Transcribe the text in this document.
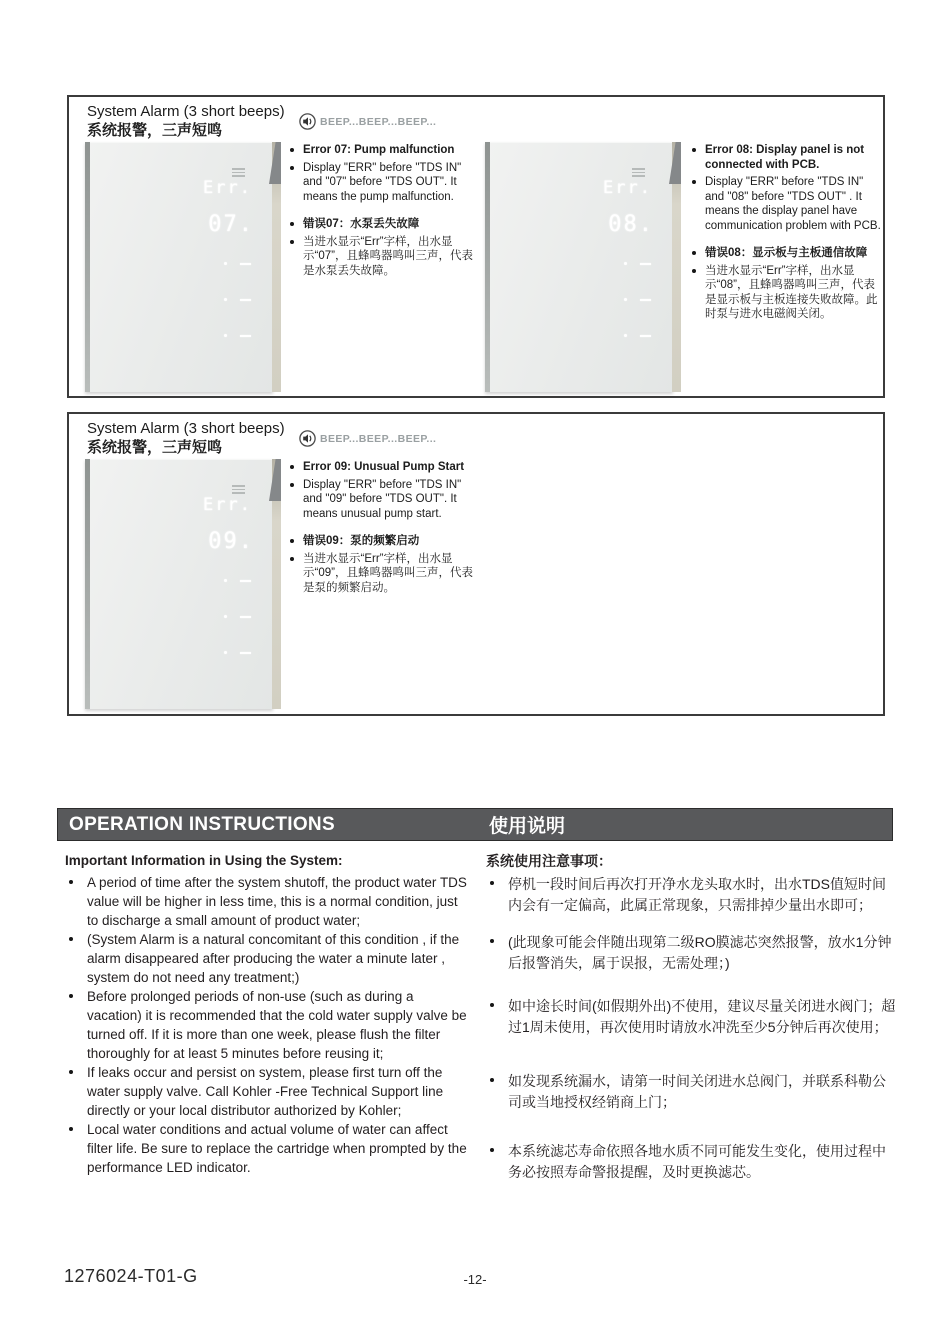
System Alarm (3 short beeps)
系统报警，三声短鸣
BEEP...BEEP...BEEP...
Err.
07.
Error 07: Pump malfunction
Display "ERR" before "TDS IN" and "07" before "TDS OUT". It means the pump malfunction.
错误07：水泵丢失故障
当进水显示“Err”字样，出水显示“07”，且蜂鸣器鸣叫三声，代表是水泵丢失故障。
Err.
08.
Error 08: Display panel is not connected with PCB.
Display "ERR" before "TDS IN" and "08" before "TDS OUT" . It means the display panel have communication problem with PCB.
错误08：显示板与主板通信故障
当进水显示“Err”字样，出水显示“08”，且蜂鸣器鸣叫三声，代表是显示板与主板连接失败故障。此时泵与进水电磁阀关闭。
System Alarm (3 short beeps)
系统报警，三声短鸣
BEEP...BEEP...BEEP...
Err.
09.
Error 09: Unusual Pump Start
Display "ERR" before "TDS IN" and "09" before "TDS OUT". It means unusual pump start.
错误09：泵的频繁启动
当进水显示“Err”字样，出水显示“09”，且蜂鸣器鸣叫三声，代表是泵的频繁启动。
OPERATION INSTRUCTIONS	使用说明
Important Information in Using the System:
A period of time after the system shutoff, the product water TDS value will be higher in less time, this is a normal condition, just to discharge a small amount of product water;
(System Alarm is a natural concomitant of this condition , if the alarm disappeared after producing the water a minute later , system do not need any treatment;)
Before prolonged periods of non-use (such as during a vacation) it is recommended that the cold water supply valve be turned off. If it is more than one week, please flush the filter thoroughly for at least 5 minutes before reusing it;
If leaks occur and persist on system, please first turn off the water supply valve. Call Kohler -Free Technical Support line directly or your local distributor authorized by Kohler;
Local water conditions and actual volume of water can affect filter life. Be sure to replace the cartridge when prompted by the performance LED indicator.
系统使用注意事项：
停机一段时间后再次打开净水龙头取水时，出水TDS值短时间内会有一定偏高，此属正常现象，只需排掉少量出水即可；
(此现象可能会伴随出现第二级RO膜滤芯突然报警，放水1分钟后报警消失，属于误报，无需处理；)
如中途长时间(如假期外出)不使用，建议尽量关闭进水阀门；超过1周未使用，再次使用时请放水冲洗至少5分钟后再次使用；
如发现系统漏水，请第一时间关闭进水总阀门，并联系科勒公司或当地授权经销商上门；
本系统滤芯寿命依照各地水质不同可能发生变化，使用过程中务必按照寿命警报提醒，及时更换滤芯。
1276024-T01-G	-12-
